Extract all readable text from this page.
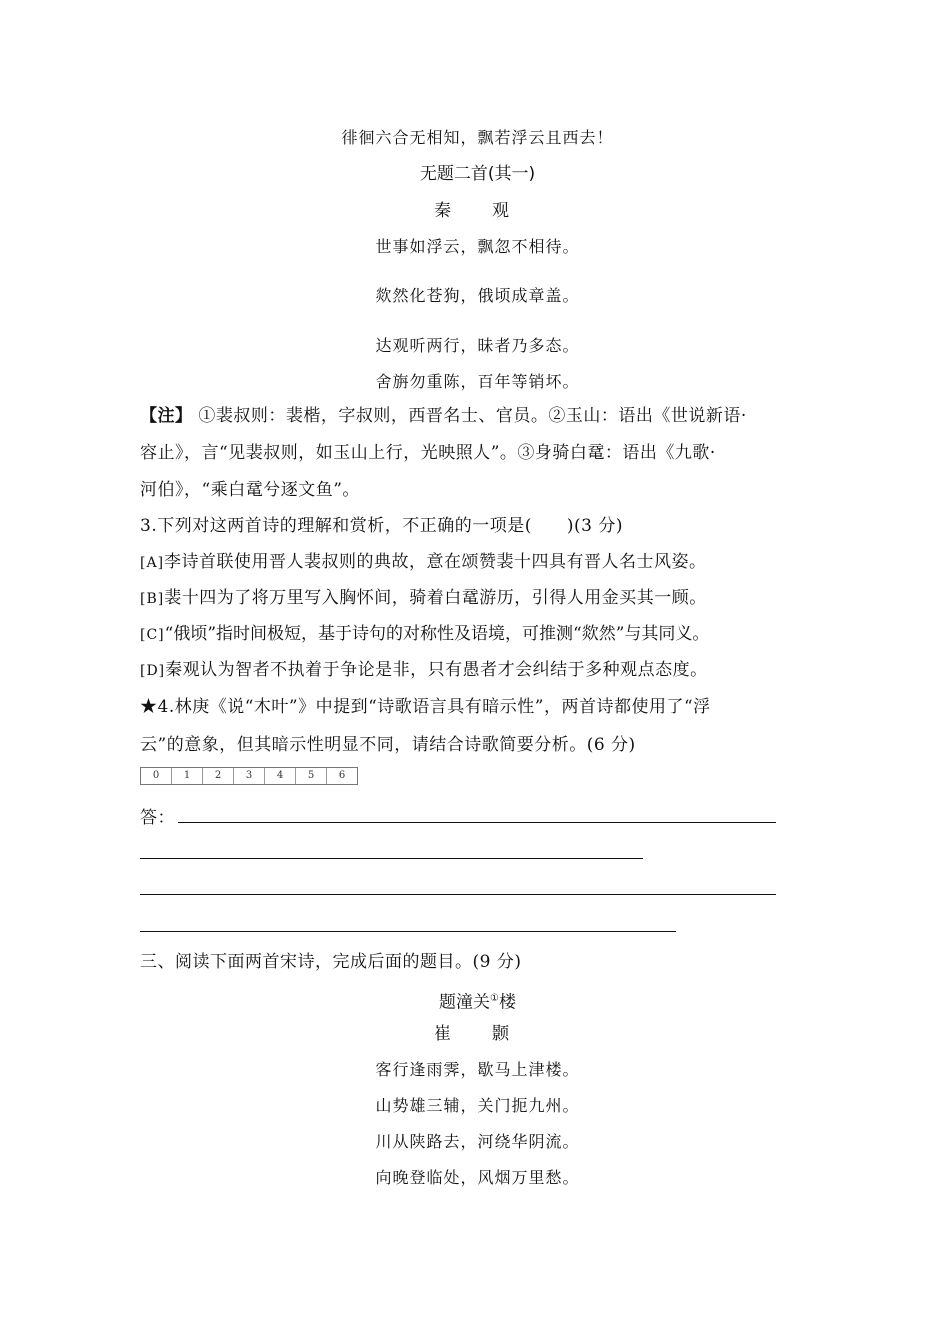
徘徊六合无相知，飘若浮云且西去！
无题二首(其一)
秦　观
世事如浮云，飘忽不相待。
欻然化苍狗，俄顷成章盖。
达观听两行，昧者乃多态。
舍旃勿重陈，百年等销坏。
【注】 ①裴叔则：裴楷，字叔则，西晋名士、官员。②玉山：语出《世说新语·
容止》，言“见裴叔则，如玉山上行，光映照人”。③身骑白鼋：语出《九歌·
河伯》，“乘白鼋兮逐文鱼”。
3.下列对这两首诗的理解和赏析，不正确的一项是(　　)(3 分)
[A]李诗首联使用晋人裴叔则的典故，意在颂赞裴十四具有晋人名士风姿。
[B]裴十四为了将万里写入胸怀间，骑着白鼋游历，引得人用金买其一顾。
[C]“俄顷”指时间极短，基于诗句的对称性及语境，可推测“欻然”与其同义。
[D]秦观认为智者不执着于争论是非，只有愚者才会纠结于多种观点态度。
★4.林庚《说“木叶”》中提到“诗歌语言具有暗示性”，两首诗都使用了“浮
云”的意象，但其暗示性明显不同，请结合诗歌简要分析。(6 分)
答：
三、阅读下面两首宋诗，完成后面的题目。(9 分)
题潼关①楼
崔　颢
客行逢雨霁，歇马上津楼。
山势雄三辅，关门扼九州。
川从陕路去，河绕华阴流。
向晚登临处，风烟万里愁。
0	1	2	3	4	5	6
